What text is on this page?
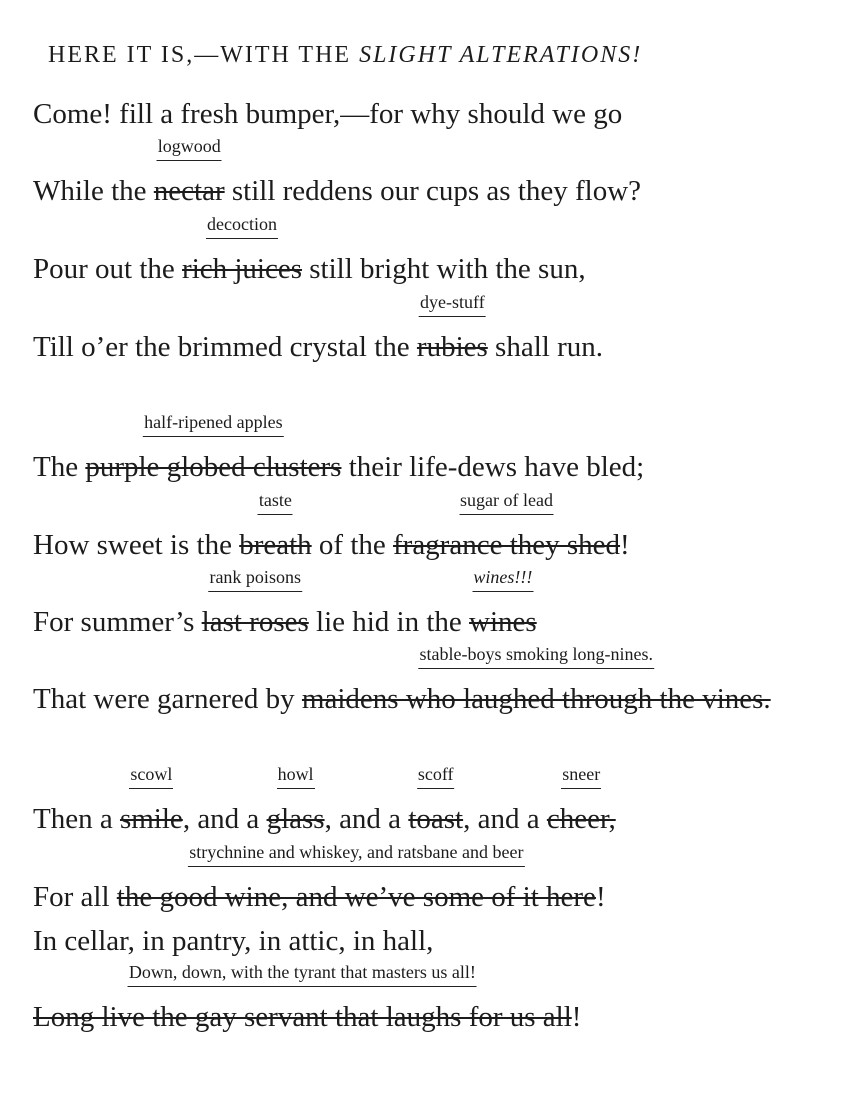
HERE IT IS,—WITH THE SLIGHT ALTERATIONS!
Come! fill a fresh bumper,—for why should we go
While the nectar
logwood
still reddens our cups as they flow?
Pour out the rich juices
decoction
still bright with the sun,
Till o’er the brimmed crystal the rubies
dye-stuff
shall run.
The purple globed clusters
half-ripened apples
their life-dews have bled;
How sweet is the breath
taste
of the fragrance they shed
sugar of lead
!
For summer’s last roses
rank poisons
lie hid in the wines
wines!!!
That were garnered by maidens who laughed through the vines.
stable-boys smoking long-nines.
Then a smile
scowl
, and a glass
howl
, and a toast
scoff
, and a cheer,
sneer
For all the good wine, and we’ve some of it here
strychnine and whiskey, and ratsbane and beer
!
In cellar, in pantry, in attic, in hall,
Long live the gay servant that laughs for us all
Down, down, with the tyrant that masters us all!
!
